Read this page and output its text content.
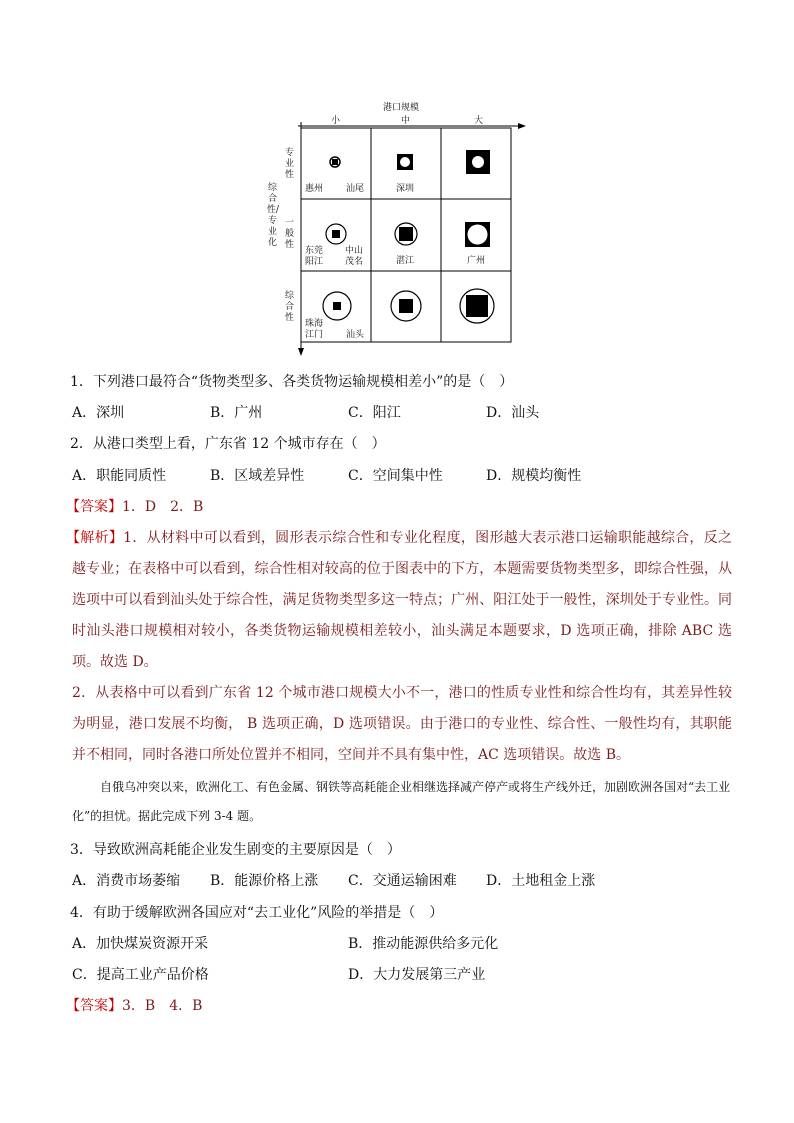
港口规模
小	中	大
综合性/专业化
专业性
一般性
综合性
惠州	汕尾	深圳
东莞
阳江
中山
茂名	湛江	广州
珠海
江门	汕头
1．下列港口最符合“货物类型多、各类货物运输规模相差小”的是（　）
A．深圳	B．广州	C．阳江	D．汕头
2．从港口类型上看，广东省 12 个城市存在（　）
A．职能同质性	B．区域差异性	C．空间集中性	D．规模均衡性
【答案】1．D　2．B
【解析】1．从材料中可以看到，圆形表示综合性和专业化程度，图形越大表示港口运输职能越综合，反之越专业；在表格中可以看到，综合性相对较高的位于图表中的下方，本题需要货物类型多，即综合性强，从选项中可以看到汕头处于综合性，满足货物类型多这一特点；广州、阳江处于一般性，深圳处于专业性。同时汕头港口规模相对较小，各类货物运输规模相差较小，汕头满足本题要求，D 选项正确，排除 ABC 选项。故选 D。
2．从表格中可以看到广东省 12 个城市港口规模大小不一，港口的性质专业性和综合性均有，其差异性较为明显，港口发展不均衡， B 选项正确，D 选项错误。由于港口的专业性、综合性、一般性均有，其职能并不相同，同时各港口所处位置并不相同，空间并不具有集中性，AC 选项错误。故选 B。
自俄乌冲突以来，欧洲化工、有色金属、钢铁等高耗能企业相继选择减产停产或将生产线外迁，加剧欧洲各国对“去工业化”的担忧。据此完成下列 3-4 题。
3．导致欧洲高耗能企业发生剧变的主要原因是（　）
A．消费市场萎缩 B．能源价格上涨 C．交通运输困难 D．土地租金上涨
4．有助于缓解欧洲各国应对“去工业化”风险的举措是（　）
A．加快煤炭资源开采	B．推动能源供给多元化
C．提高工业产品价格	D．大力发展第三产业
【答案】3．B　4．B
